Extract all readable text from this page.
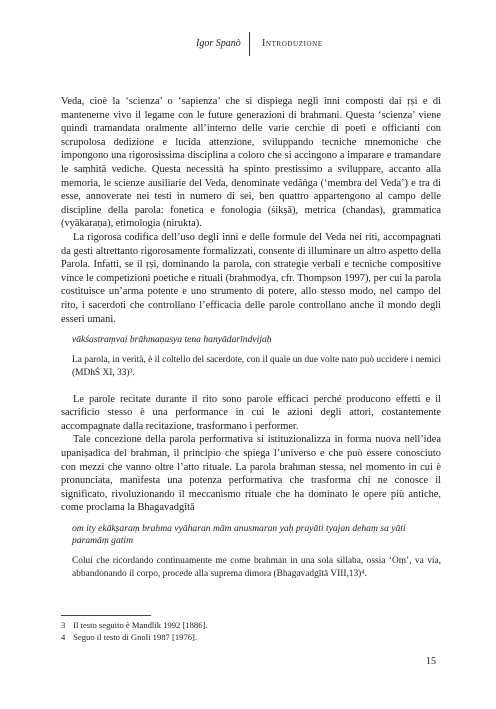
Igor Spanò Introduzione

Veda, cioè la ‘scienza’ o ‘sapienza’ che si dispiega negli inni composti dai ṛṣi e di mantenerne vivo il legame con le future generazioni di brahmani. Questa ‘scienza’ viene quindi tramandata oralmente all’interno delle varie cerchie di poeti e officianti con scrupolosa dedizione e lucida attenzione, sviluppando tecniche mnemoniche che impongono una rigorosissima disciplina a coloro che si accingono a imparare e tramandare le saṃhitā vediche. Questa necessità ha spinto prestissimo a sviluppare, accanto alla memoria, le scienze ausiliarie del Veda, denominate vedāṅga (‘membra del Veda’) e tra di esse, annoverate nei testi in numero di sei, ben quattro appartengono al campo delle discipline della parola: fonetica e fonologia (śikṣā), metrica (chandas), grammatica (vyākaraṇa), etimologia (nirukta).

La rigorosa codifica dell’uso degli inni e delle formule del Veda nei riti, accompagnati da gesti altrettanto rigorosamente formalizzati, consente di illuminare un altro aspetto della Parola. Infatti, se il ṛṣi, dominando la parola, con strategie verbali e tecniche compositive vince le competizioni poetiche e rituali (brahmodya, cfr. Thompson 1997), per cui la parola costituisce un’arma potente e uno strumento di potere, allo stesso modo, nel campo del rito, i sacerdoti che controllano l’efficacia delle parole controllano anche il mondo degli esseri umani.

vākśastraṃvai brāhmaṇasya tena hanyādarīndvijaḥ

La parola, in verità, è il coltello del sacerdote, con il quale un due volte nato può uccidere i nemici (MDhŚ XI, 33)³.

Le parole recitate durante il rito sono parole efficaci perché producono effetti e il sacrificio stesso è una performance in cui le azioni degli attori, costantemente accompagnate dalla recitazione, trasformano i performer.

Tale concezione della parola performativa si istituzionalizza in forma nuova nell’idea upaniṣadica del brahman, il principio che spiega l’universo e che può essere conosciuto con mezzi che vanno oltre l’atto rituale. La parola brahman stessa, nel momento in cui è pronunciata, manifesta una potenza performativa che trasforma chi ne conosce il significato, rivoluzionando il meccanismo rituale che ha dominato le opere più antiche, come proclama la Bhagavadgītā

om ity ekākṣaraṃ brahma vyāharan mām anusmaran yaḥ prayāti tyajan dehaṃ sa yāti paramāṃ gatim

Colui che ricordando continuamente me come brahman in una sola sillaba, ossia ‘Oṃ’, va via, abbandonando il corpo, procede alla suprema dimora (Bhagavadgītā VIII,13)⁴.

3 Il testo seguito è Mandlik 1992 [1886].

4 Seguo il testo di Gnoli 1987 [1976].

15
